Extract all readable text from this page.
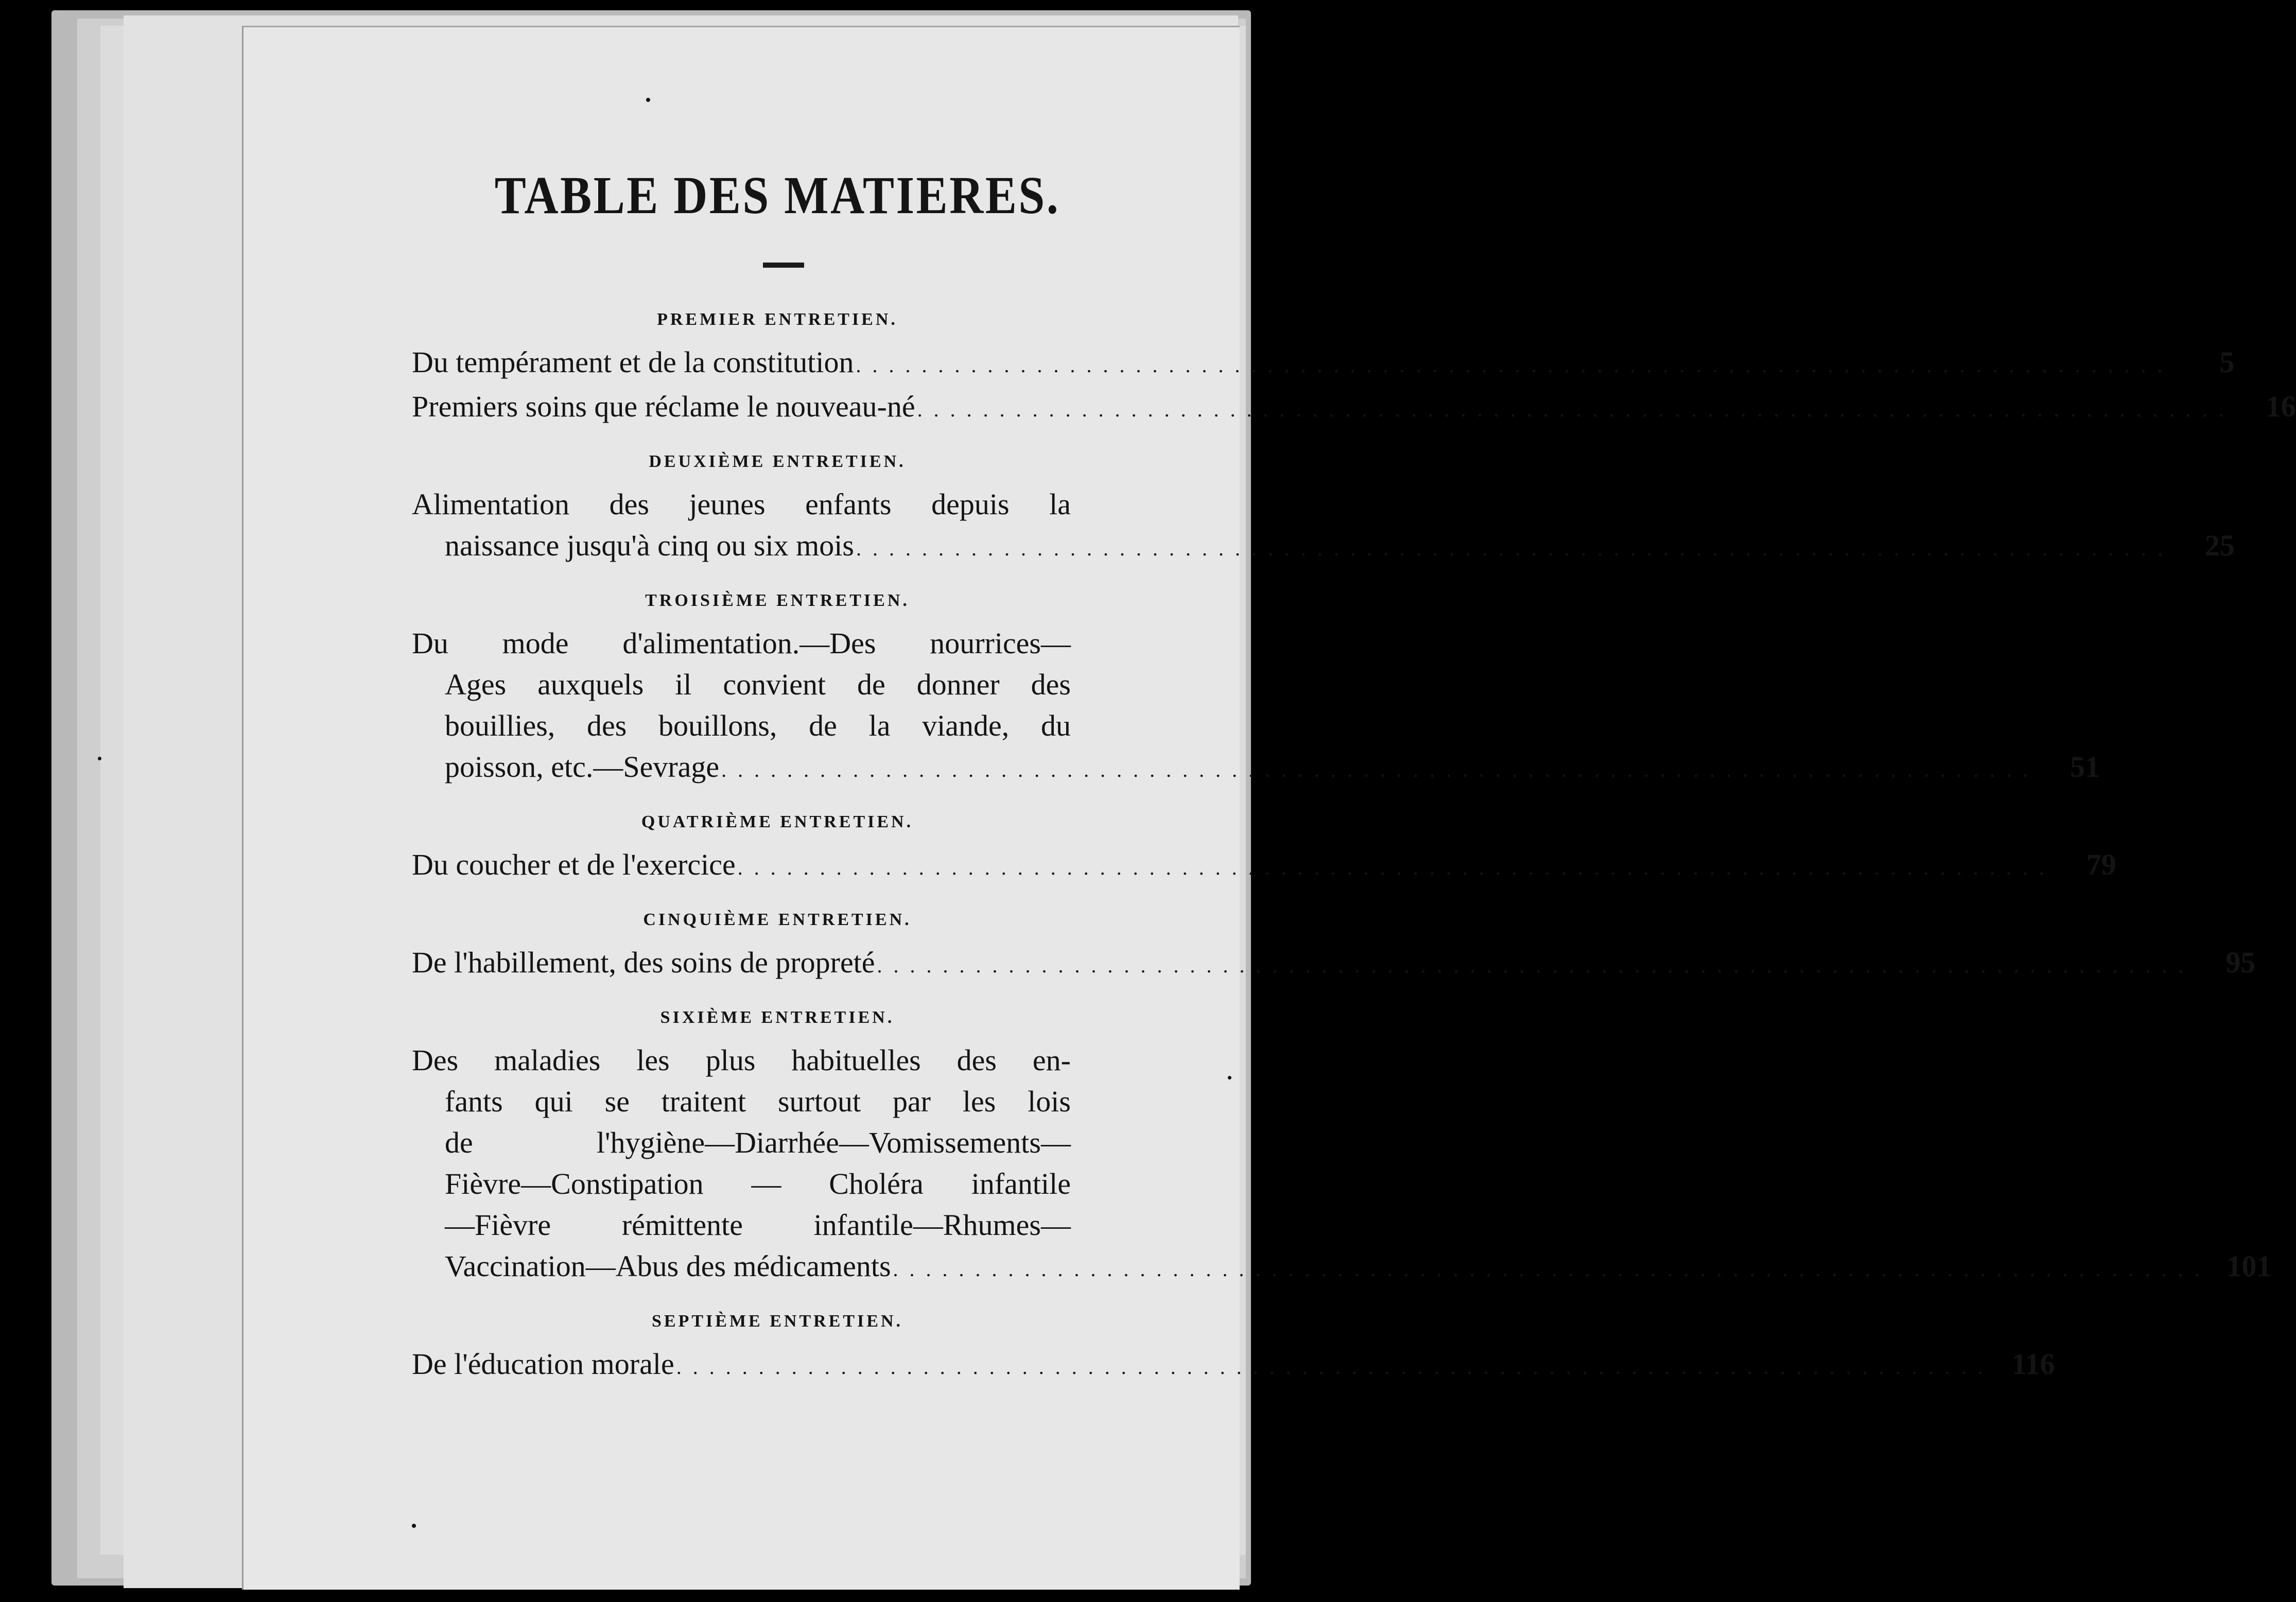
TABLE DES MATIERES.
PREMIER ENTRETIEN.
Du tempérament et de la constitution . . . . . . . . . . . . . . . . . . . . . . . . . . . . . . . . . . . . . . . . . . . . . . . . . . . . . . . . . . . . . . . . . . . . . . . . . . . . . . . .	5
Premiers soins que réclame le nouveau-né . . . . . . . . . . . . . . . . . . . . . . . . . . . . . . . . . . . . . . . . . . . . . . . . . . . . . . . . . . . . . . . . . . . . . . . . . . . . . . . .	16
DEUXIÈME ENTRETIEN.
Alimentation des jeunes enfants depuis la
naissance jusqu'à cinq ou six mois . . . . . . . . . . . . . . . . . . . . . . . . . . . . . . . . . . . . . . . . . . . . . . . . . . . . . . . . . . . . . . . . . . . . . . . . . . . . . . . .	25
TROISIÈME ENTRETIEN.
Du mode d'alimentation.—Des nourrices—
Ages auxquels il convient de donner des
bouillies, des bouillons, de la viande, du
poisson, etc.—Sevrage . . . . . . . . . . . . . . . . . . . . . . . . . . . . . . . . . . . . . . . . . . . . . . . . . . . . . . . . . . . . . . . . . . . . . . . . . . . . . . . .	51
QUATRIÈME ENTRETIEN.
Du coucher et de l'exercice . . . . . . . . . . . . . . . . . . . . . . . . . . . . . . . . . . . . . . . . . . . . . . . . . . . . . . . . . . . . . . . . . . . . . . . . . . . . . . . .	79
CINQUIÈME ENTRETIEN.
De l'habillement, des soins de propreté . . . . . . . . . . . . . . . . . . . . . . . . . . . . . . . . . . . . . . . . . . . . . . . . . . . . . . . . . . . . . . . . . . . . . . . . . . . . . . . .	95
SIXIÈME ENTRETIEN.
Des maladies les plus habituelles des en-
fants qui se traitent surtout par les lois
de l'hygiène—Diarrhée—Vomissements—
Fièvre—Constipation — Choléra infantile
—Fièvre rémittente infantile—Rhumes—
Vaccination—Abus des médicaments . . . . . . . . . . . . . . . . . . . . . . . . . . . . . . . . . . . . . . . . . . . . . . . . . . . . . . . . . . . . . . . . . . . . . . . . . . . . . . . . 101
SEPTIÈME ENTRETIEN.
De l'éducation morale . . . . . . . . . . . . . . . . . . . . . . . . . . . . . . . . . . . . . . . . . . . . . . . . . . . . . . . . . . . . . . . . . . . . . . . . . . . . . . . . 116
